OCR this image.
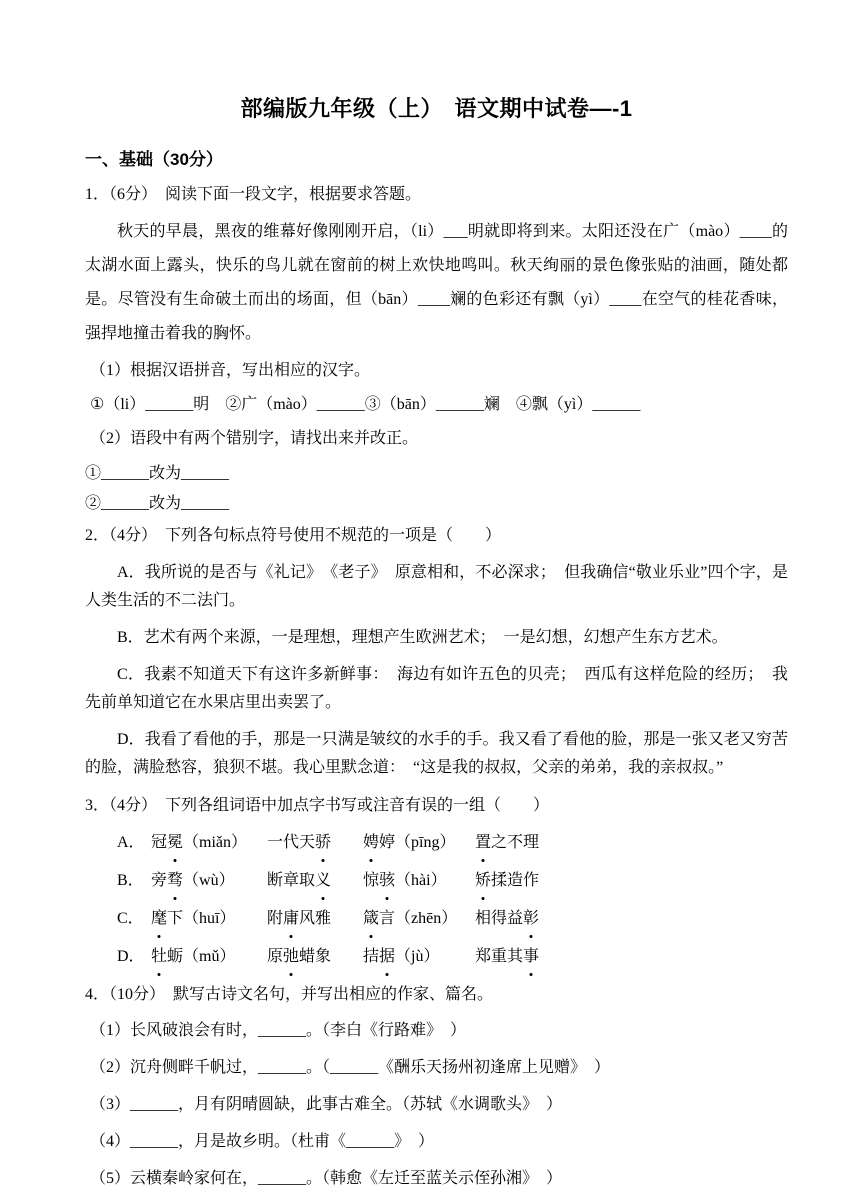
部编版九年级（上）　语文期中试卷—-1
一、基础（30分）

1．（6分）　阅读下面一段文字，根据要求答题。

秋天的早晨，黑夜的维幕好像刚刚开启，（li）___明就即将到来。太阳还没在广（mào）____的太湖水面上露头，快乐的鸟儿就在窗前的树上欢快地鸣叫。秋天绚丽的景色像张贴的油画，随处都是。尽管没有生命破土而出的场面，但（bān）____斓的色彩还有飘（yì）____在空气的桂花香味，强捍地撞击着我的胸怀。

（1）根据汉语拼音，写出相应的汉字。

①（li）______明　②广（mào）______③（bān）______斓　④飘（yì）______

（2）语段中有两个错别字，请找出来并改正。

①______改为______

②______改为______

2．（4分）　下列各句标点符号使用不规范的一项是（　　）

A．我所说的是否与《礼记》　《老子》　原意相和，不必深求；　但我确信“敬业乐业”四个字，是人类生活的不二法门。

B．艺术有两个来源，一是理想，理想产生欧洲艺术；　一是幻想，幻想产生东方艺术。

C．我素不知道天下有这许多新鲜事：　海边有如许五色的贝壳；　西瓜有这样危险的经历；　我先前单知道它在水果店里出卖罢了。

D．我看了看他的手，那是一只满是皱纹的水手的手。我又看了看他的脸，那是一张又老又穷苦的脸，满脸愁容，狼狈不堪。我心里默念道：　“这是我的叔叔，父亲的弟弟，我的亲叔叔。”

3．（4分）　下列各组词语中加点字书写或注音有误的一组（　　）

A． 冠冕（miǎn）	一代天骄	娉婷（pīng）	置之不理
B． 旁骛（wù）	断章取义	惊骇（hài）	矫揉造作
C． 麾下（huī）	附庸风雅	箴言（zhēn）	相得益彰
D． 牡蛎（mǔ）	原弛蜡象	拮据（jù）	郑重其事

4．（10分）　默写古诗文名句，并写出相应的作家、篇名。

（1）长风破浪会有时，______。（李白《行路难》　）

（2）沉舟侧畔千帆过，______。（______《酬乐天扬州初逢席上见赠》　）

（3）______，月有阴晴圆缺，此事古难全。（苏轼《水调歌头》　）

（4）______，月是故乡明。（杜甫《______》　）

（5）云横秦岭家何在，______。（韩愈《左迁至蓝关示侄孙湘》　）
